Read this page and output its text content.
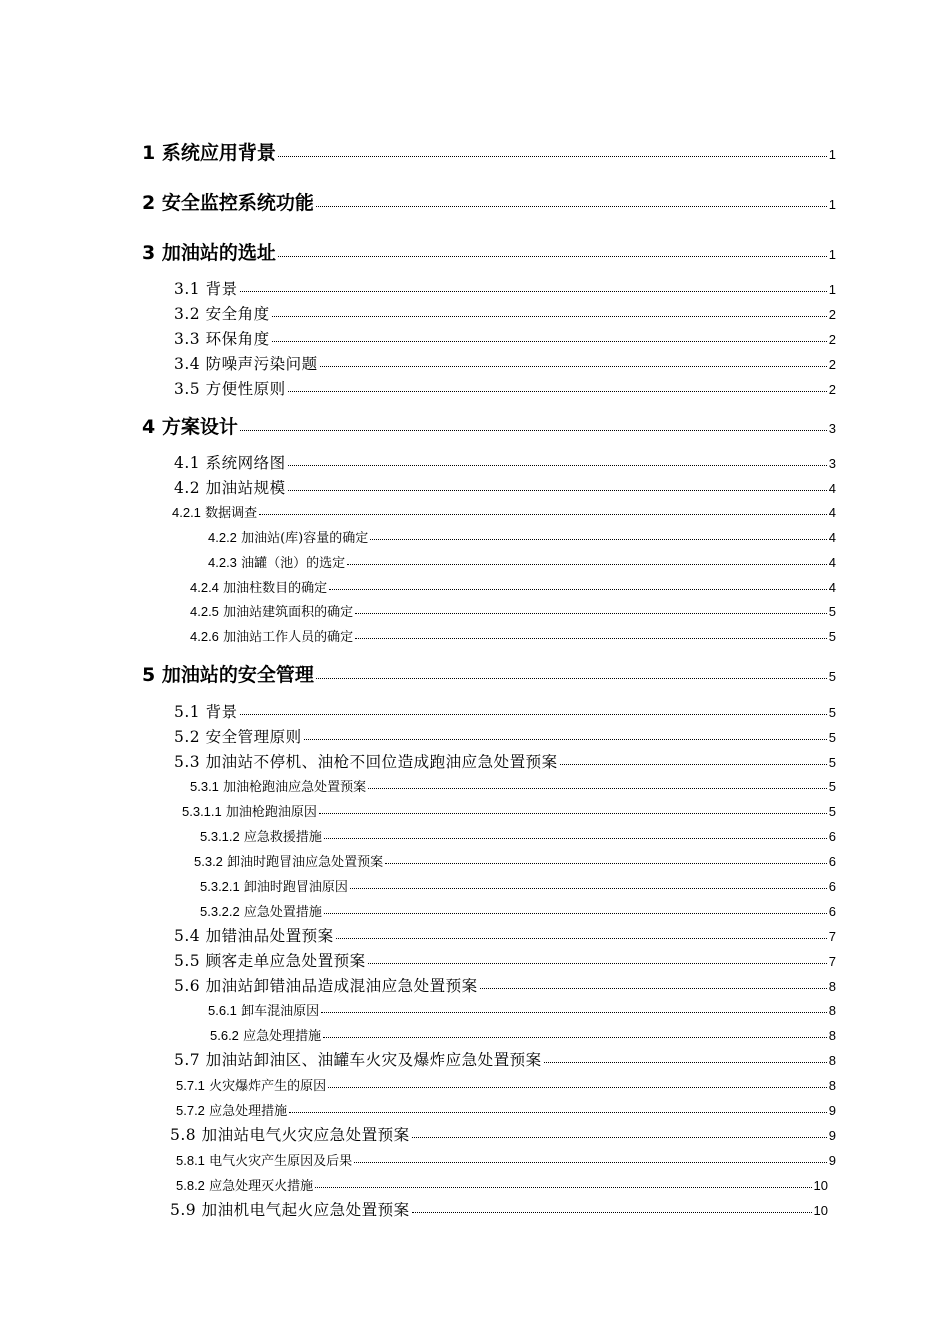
1 系统应用背景	1
2 安全监控系统功能	1
3 加油站的选址	1
3.1 背景	1
3.2 安全角度	2
3.3 环保角度	2
3.4 防噪声污染问题	2
3.5 方便性原则	2
4 方案设计	3
4.1 系统网络图	3
4.2 加油站规模	4
4.2.1 数据调查	4
4.2.2 加油站(库)容量的确定	4
4.2.3 油罐（池）的选定	4
4.2.4 加油柱数目的确定	4
4.2.5 加油站建筑面积的确定	5
4.2.6 加油站工作人员的确定	5
5 加油站的安全管理	5
5.1 背景	5
5.2 安全管理原则	5
5.3 加油站不停机、油枪不回位造成跑油应急处置预案	5
5.3.1 加油枪跑油应急处置预案	5
5.3.1.1 加油枪跑油原因	5
5.3.1.2 应急救援措施	6
5.3.2 卸油时跑冒油应急处置预案	6
5.3.2.1 卸油时跑冒油原因	6
5.3.2.2 应急处置措施	6
5.4 加错油品处置预案	7
5.5 顾客走单应急处置预案	7
5.6 加油站卸错油品造成混油应急处置预案	8
5.6.1 卸车混油原因	8
5.6.2 应急处理措施	8
5.7 加油站卸油区、油罐车火灾及爆炸应急处置预案	8
5.7.1 火灾爆炸产生的原因	8
5.7.2 应急处理措施	9
5.8 加油站电气火灾应急处置预案	9
5.8.1 电气火灾产生原因及后果	9
5.8.2 应急处理灭火措施	10
5.9 加油机电气起火应急处置预案	10
